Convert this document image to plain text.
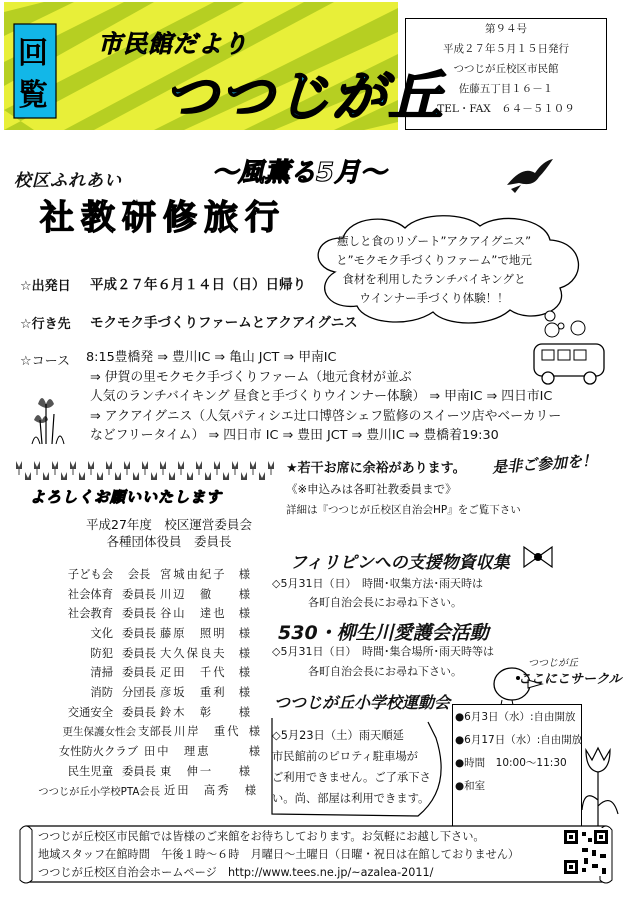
回
覧
市民館だより
つつじが丘
第９４号
平成２７年５月１５日発行
つつじが丘校区市民館
佐藤五丁目１６－１
TEL・FAX　６４－５１０９
校区ふれあい
社教研修旅行
～風薫る5月～
癒しと食のリゾート”アクアイグニス”
と”モクモク手づくりファーム”で地元
食材を利用したランチバイキングと
ウインナー手づくり体験！！
☆出発日 平成２７年６月１４日（日）日帰り
☆行き先 モクモク手づくりファームとアクアイグニス
☆コース 8:15豊橋発 ⇒ 豊川IC ⇒ 亀山 JCT ⇒ 甲南IC
⇒ 伊賀の里モクモク手づくりファーム（地元食材が並ぶ
人気のランチバイキング 昼食と手づくりウインナー体験） ⇒ 甲南IC ⇒ 四日市IC
⇒ アクアイグニス（人気パティシエ辻口博啓シェフ監修のスイーツ店やベーカリー
などフリータイム） ⇒ 四日市 IC ⇒ 豊田 JCT ⇒ 豊川IC ⇒ 豊橋着19:30
よろしくお願いいたします
平成27年度　校区運営委員会
各種団体役員　委員長
子ども会	会長 宮城由紀子	様
社会体育 委員長 川辺　徹	様
社会教育 委員長 谷山　達也	様
文化 委員長 藤原　照明	様
防犯 委員長 大久保良夫	様
清掃 委員長 疋田　千代	様
消防 分団長 彦坂　重利	様
交通安全 委員長 鈴木　彰	様
更生保護女性会 支部長 川岸　重代 様
女性防火クラブ 田中　理恵	様
民生児童 委員長 東　伸一	様
つつじが丘小学校PTA会長 近田　高秀	様
★若干お席に余裕があります。
《※申込みは各町社教委員まで》
詳細は『つつじが丘校区自治会HP』をご覧下さい
是非ご参加を！
フィリピンへの支援物資収集
◇5月31日（日）　時間･収集方法･雨天時は
各町自治会長にお尋ね下さい。
530・柳生川愛護会活動
◇5月31日（日）　時間･集合場所･雨天時等は
各町自治会長にお尋ね下さい。
つつじが丘
ここにこサークル
つつじが丘小学校運動会
◇5月23日（土）雨天順延
市民館前のピロティ駐車場が
ご利用できません。ご了承下さ
い。尚、部屋は利用できます。
●6月3日（水）:自由開放
●6月17日（水）:自由開放
●時間　10:00～11:30
●和室
つつじが丘校区市民館では皆様のご来館をお待ちしております。お気軽にお越し下さい。
地域スタッフ在館時間　午後１時～６時　月曜日～土曜日（日曜・祝日は在館しておりません）
つつじが丘校区自治会ホームページ　http://www.tees.ne.jp/~azalea-2011/
